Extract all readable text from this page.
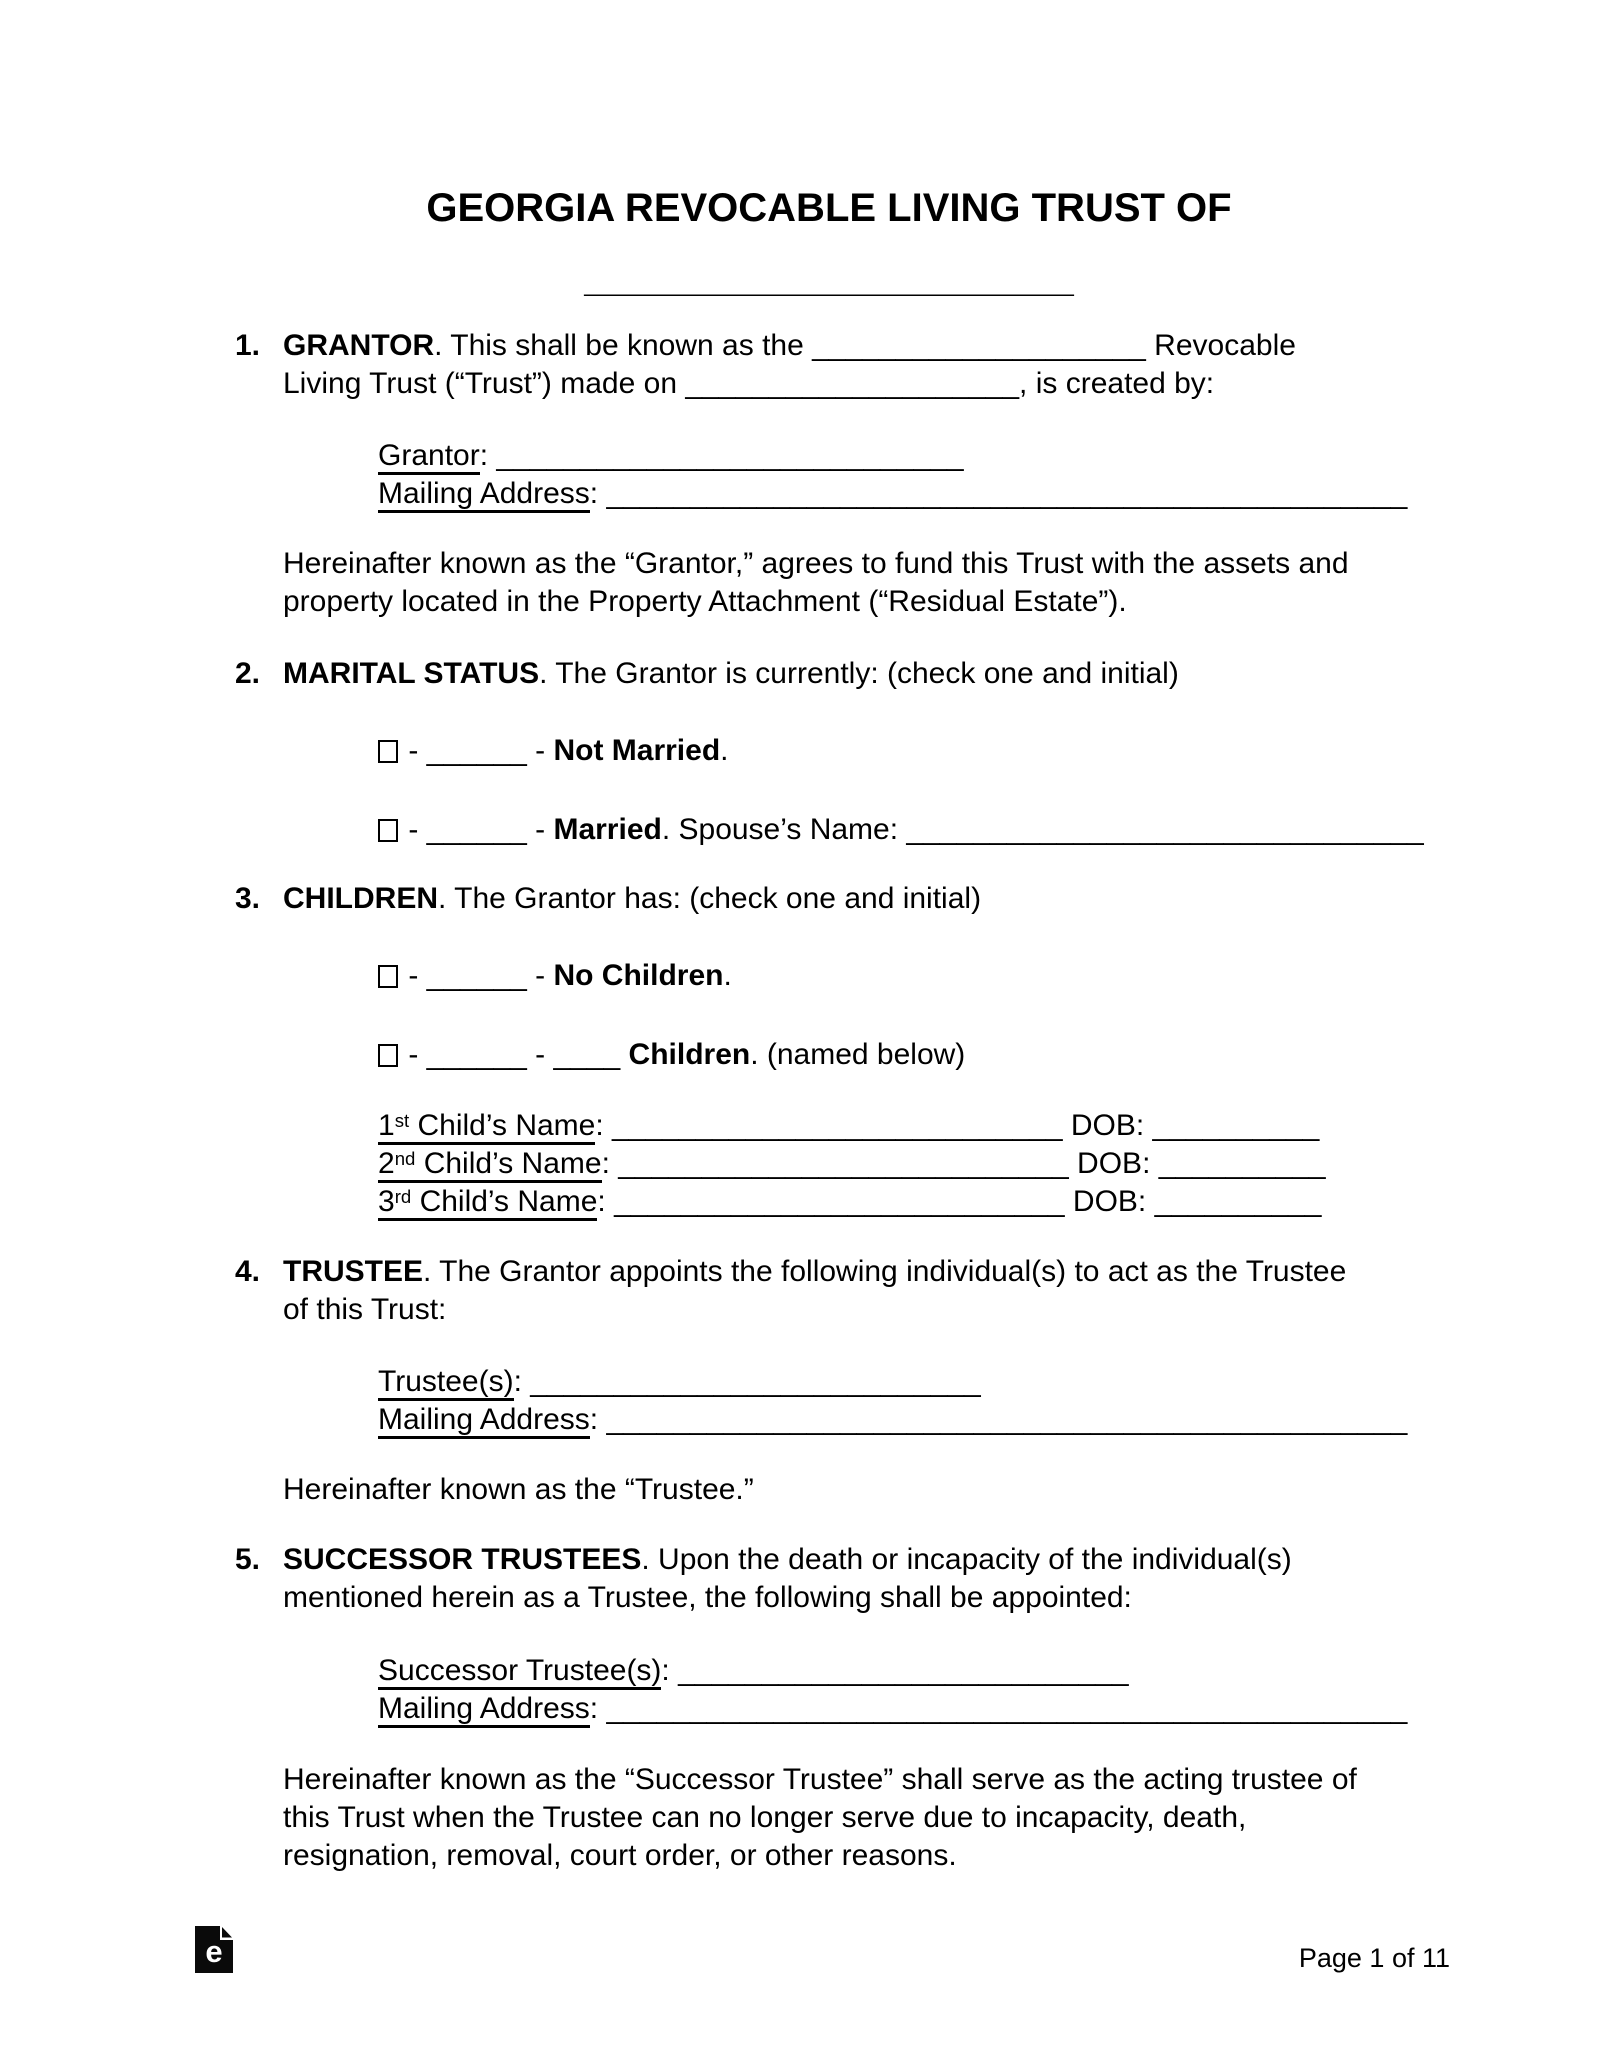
GEORGIA REVOCABLE LIVING TRUST OF
______________________
1. GRANTOR. This shall be known as the ____________________ Revocable
Living Trust (“Trust”) made on ____________________, is created by:
Grantor: ____________________________
Mailing Address: ________________________________________________
Hereinafter known as the “Grantor,” agrees to fund this Trust with the assets and
property located in the Property Attachment (“Residual Estate”).
2. MARITAL STATUS. The Grantor is currently: (check one and initial)
- ______ - Not Married.
- ______ - Married. Spouse’s Name: _______________________________
3. CHILDREN. The Grantor has: (check one and initial)
- ______ - No Children.
- ______ - ____ Children. (named below)
1st Child’s Name: ___________________________ DOB: __________
2nd Child’s Name: ___________________________ DOB: __________
3rd Child’s Name: ___________________________ DOB: __________
4. TRUSTEE. The Grantor appoints the following individual(s) to act as the Trustee
of this Trust:
Trustee(s): ___________________________
Mailing Address: ________________________________________________
Hereinafter known as the “Trustee.”
5. SUCCESSOR TRUSTEES. Upon the death or incapacity of the individual(s)
mentioned herein as a Trustee, the following shall be appointed:
Successor Trustee(s): ___________________________
Mailing Address: ________________________________________________
Hereinafter known as the “Successor Trustee” shall serve as the acting trustee of
this Trust when the Trustee can no longer serve due to incapacity, death,
resignation, removal, court order, or other reasons.
e	Page 1 of 11
